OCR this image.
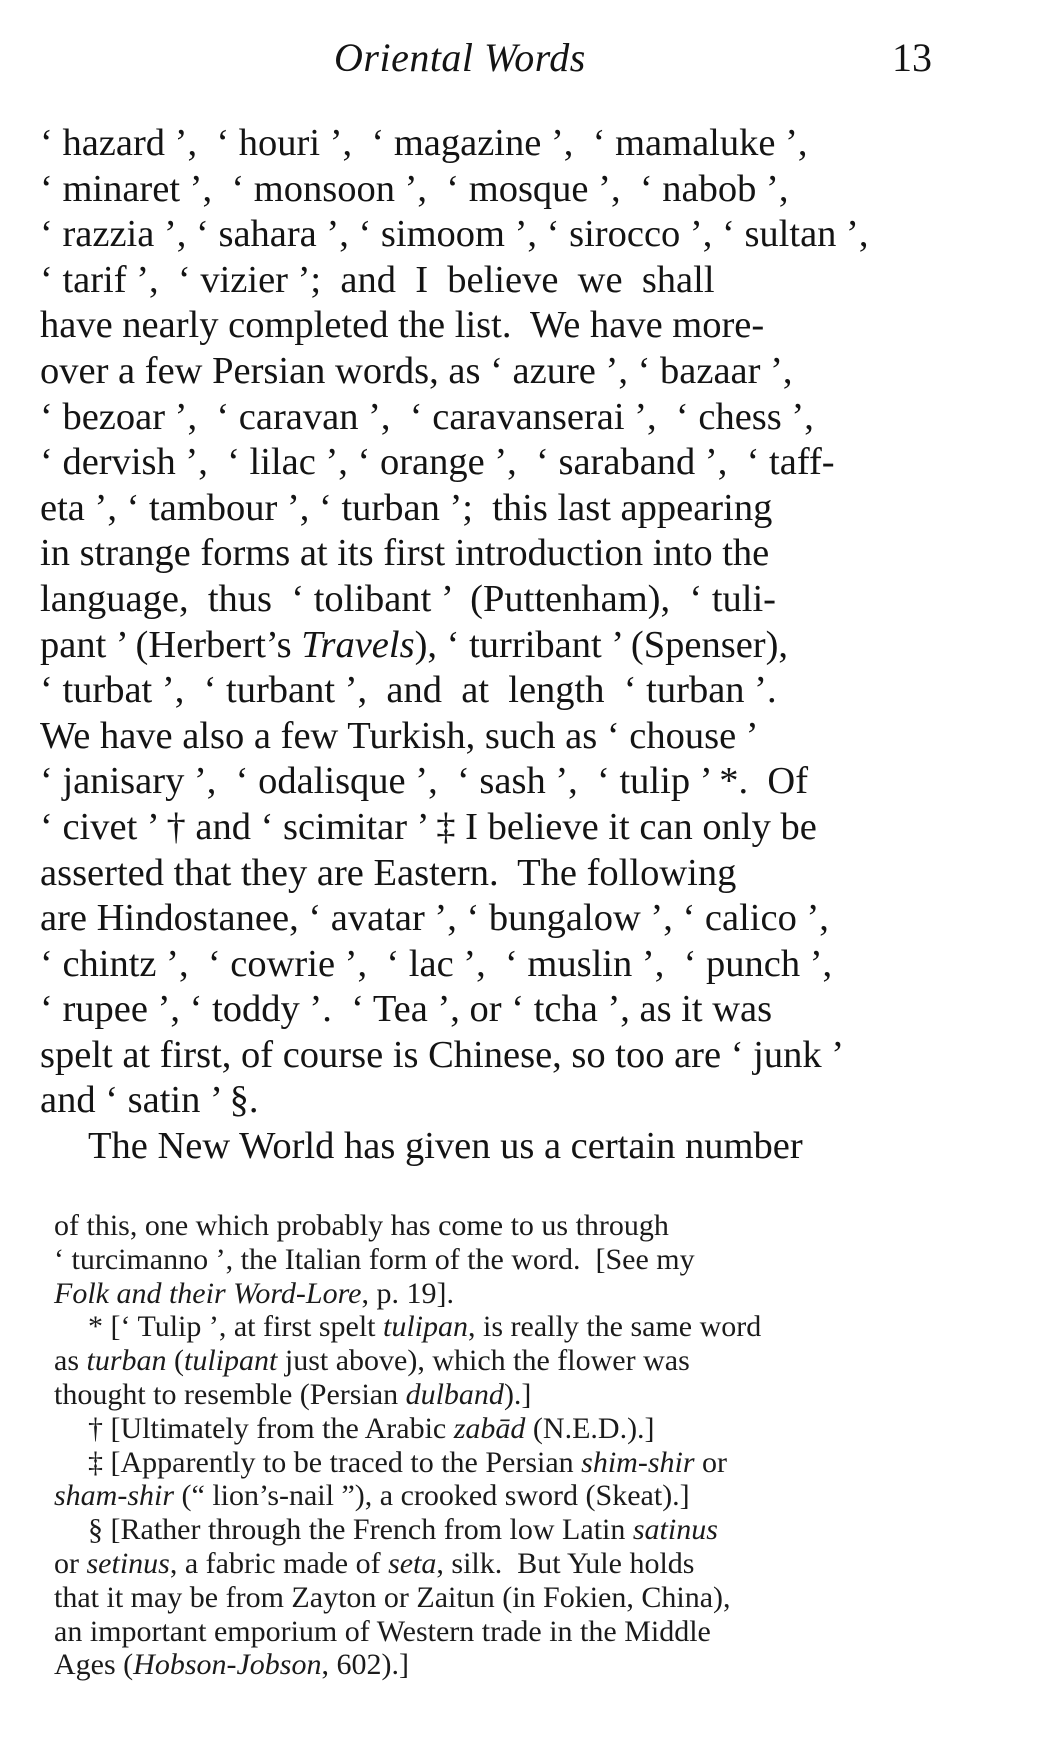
Oriental Words	13
‘ hazard ’,  ‘ houri ’,  ‘ magazine ’,  ‘ mamaluke ’,
‘ minaret ’,  ‘ monsoon ’,  ‘ mosque ’,  ‘ nabob ’,
‘ razzia ’, ‘ sahara ’, ‘ simoom ’, ‘ sirocco ’, ‘ sultan ’,
‘ tarif ’,  ‘ vizier ’;  and  I  believe  we  shall
have nearly completed the list.  We have more-
over a few Persian words, as ‘ azure ’, ‘ bazaar ’,
‘ bezoar ’,  ‘ caravan ’,  ‘ caravanserai ’,  ‘ chess ’,
‘ dervish ’,  ‘ lilac ’, ‘ orange ’,  ‘ saraband ’,  ‘ taff-
eta ’, ‘ tambour ’, ‘ turban ’;  this last appearing
in strange forms at its first introduction into the
language,  thus  ‘ tolibant ’  (Puttenham),  ‘ tuli-
pant ’ (Herbert’s Travels), ‘ turribant ’ (Spenser),
‘ turbat ’,  ‘ turbant ’,  and  at  length  ‘ turban ’.
We have also a few Turkish, such as ‘ chouse ’
‘ janisary ’,  ‘ odalisque ’,  ‘ sash ’,  ‘ tulip ’ *.  Of
‘ civet ’ † and ‘ scimitar ’ ‡ I believe it can only be
asserted that they are Eastern.  The following
are Hindostanee, ‘ avatar ’, ‘ bungalow ’, ‘ calico ’,
‘ chintz ’,  ‘ cowrie ’,  ‘ lac ’,  ‘ muslin ’,  ‘ punch ’,
‘ rupee ’, ‘ toddy ’.  ‘ Tea ’, or ‘ tcha ’, as it was
spelt at first, of course is Chinese, so too are ‘ junk ’
and ‘ satin ’ §.
The New World has given us a certain number
of this, one which probably has come to us through
‘ turcimanno ’, the Italian form of the word.  [See my
Folk and their Word-Lore, p. 19].
* [‘ Tulip ’, at first spelt tulipan, is really the same word
as turban (tulipant just above), which the flower was
thought to resemble (Persian dulband).]
† [Ultimately from the Arabic zabād (N.E.D.).]
‡ [Apparently to be traced to the Persian shim-shir or
sham-shir (“ lion’s-nail ”), a crooked sword (Skeat).]
§ [Rather through the French from low Latin satinus
or setinus, a fabric made of seta, silk.  But Yule holds
that it may be from Zayton or Zaitun (in Fokien, China),
an important emporium of Western trade in the Middle
Ages (Hobson-Jobson, 602).]
